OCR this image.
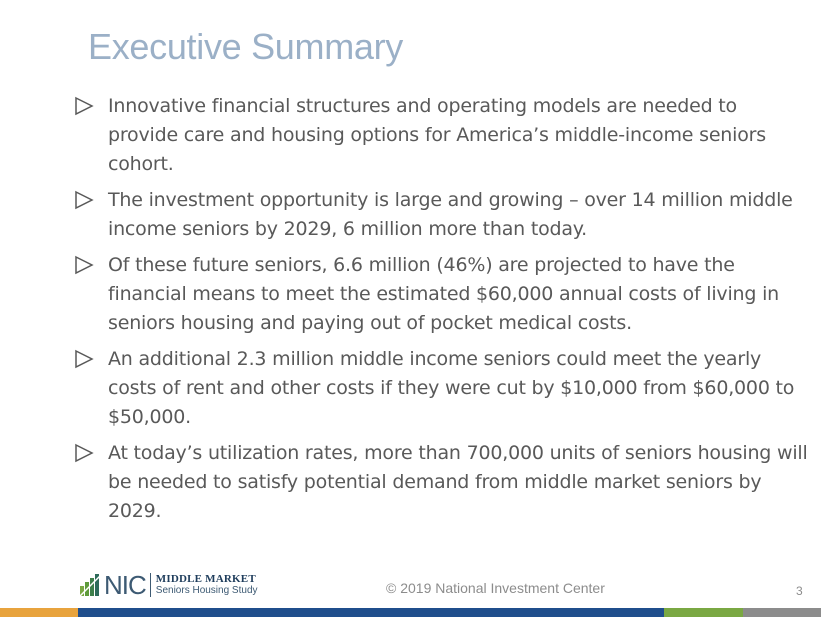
Executive Summary
Innovative financial structures and operating models are needed to provide care and housing options for America’s middle-income seniors cohort.
The investment opportunity is large and growing – over 14 million middle income seniors by 2029, 6 million more than today.
Of these future seniors, 6.6 million (46%) are projected to have the financial means to meet the estimated $60,000 annual costs of living in seniors housing and paying out of pocket medical costs.
An additional 2.3 million middle income seniors could meet the yearly costs of rent and other costs if they were cut by $10,000 from $60,000 to $50,000.
At today’s utilization rates, more than 700,000 units of seniors housing will be needed to satisfy potential demand from middle market seniors by 2029.
NIC MIDDLE MARKET
Seniors Housing Study	© 2019 National Investment Center	3
